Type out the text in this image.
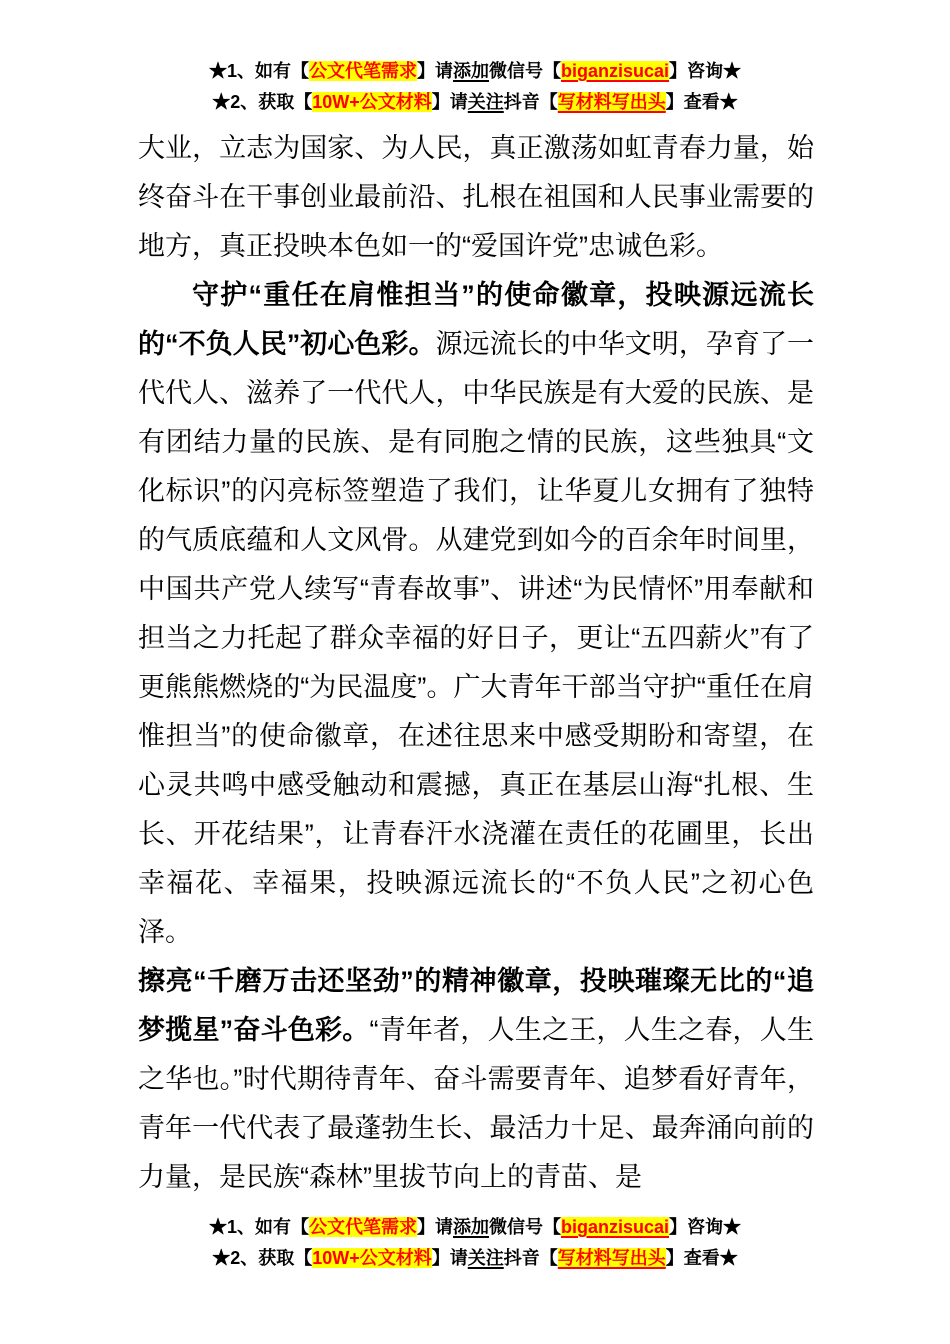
★1、如有【公文代笔需求】请添加微信号【biganzisucai】咨询★
★2、获取【10W+公文材料】请关注抖音【写材料写出头】查看★

大业，立志为国家、为人民，真正激荡如虹青春力量，始终奋斗在干事创业最前沿、扎根在祖国和人民事业需要的地方，真正投映本色如一的“爱国许党”忠诚色彩。

守护“重任在肩惟担当”的使命徽章，投映源远流长的“不负人民”初心色彩。源远流长的中华文明，孕育了一代代人、滋养了一代代人，中华民族是有大爱的民族、是有团结力量的民族、是有同胞之情的民族，这些独具“文化标识”的闪亮标签塑造了我们，让华夏儿女拥有了独特的气质底蕴和人文风骨。从建党到如今的百余年时间里，中国共产党人续写“青春故事”、讲述“为民情怀”用奉献和担当之力托起了群众幸福的好日子，更让“五四薪火”有了更熊熊燃烧的“为民温度”。广大青年干部当守护“重任在肩惟担当”的使命徽章，在述往思来中感受期盼和寄望，在心灵共鸣中感受触动和震撼，真正在基层山海“扎根、生长、开花结果”，让青春汗水浇灌在责任的花圃里，长出幸福花、幸福果，投映源远流长的“不负人民”之初心色泽。

擦亮“千磨万击还坚劲”的精神徽章，投映璀璨无比的“追梦揽星”奋斗色彩。“青年者，人生之王，人生之春，人生之华也。”时代期待青年、奋斗需要青年、追梦看好青年，青年一代代表了最蓬勃生长、最活力十足、最奔涌向前的力量，是民族“森林”里拔节向上的青苗、是

★1、如有【公文代笔需求】请添加微信号【biganzisucai】咨询★
★2、获取【10W+公文材料】请关注抖音【写材料写出头】查看★
